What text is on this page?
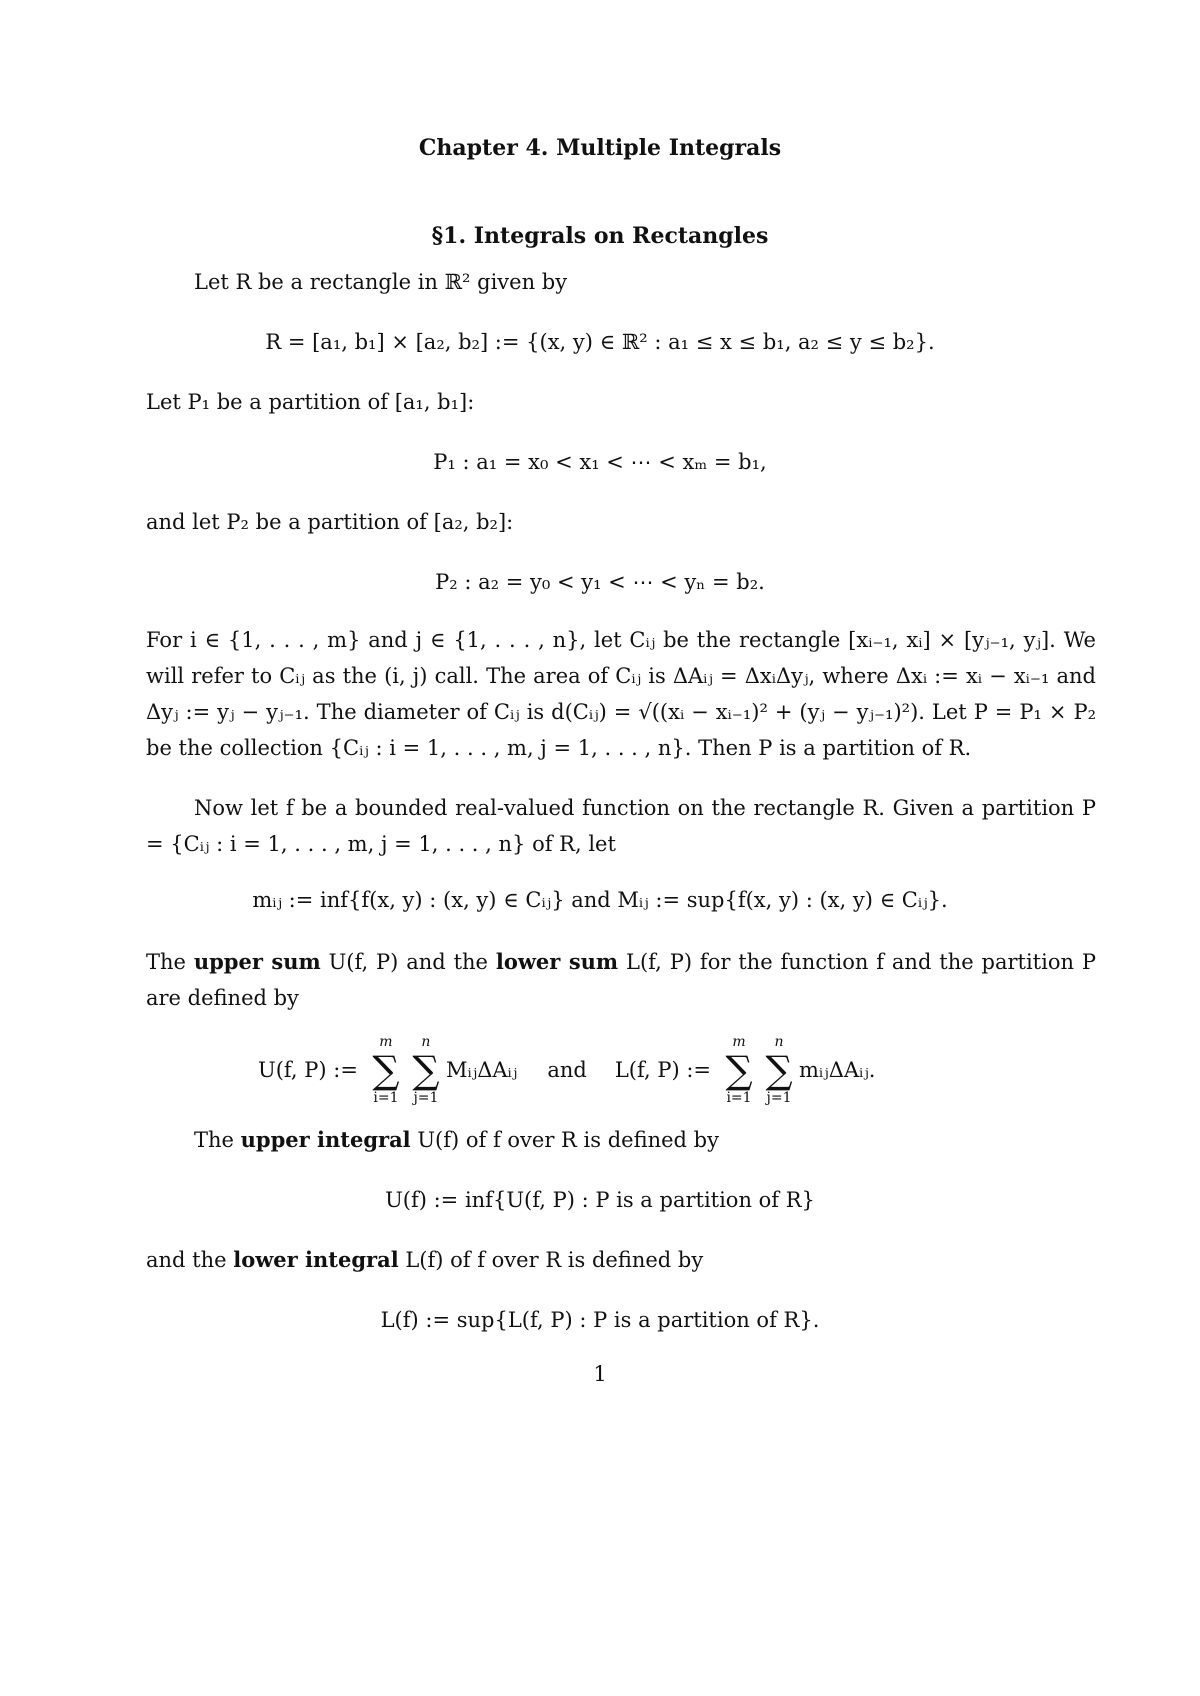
Chapter 4. Multiple Integrals
§1. Integrals on Rectangles
Let R be a rectangle in ℝ² given by
R = [a₁, b₁] × [a₂, b₂] := {(x, y) ∈ ℝ² : a₁ ≤ x ≤ b₁, a₂ ≤ y ≤ b₂}.
Let P₁ be a partition of [a₁, b₁]:
P₁ : a₁ = x₀ < x₁ < ⋯ < xₘ = b₁,
and let P₂ be a partition of [a₂, b₂]:
P₂ : a₂ = y₀ < y₁ < ⋯ < yₙ = b₂.
For i ∈ {1, . . . , m} and j ∈ {1, . . . , n}, let Cᵢⱼ be the rectangle [xᵢ₋₁, xᵢ] × [yⱼ₋₁, yⱼ]. We will refer to Cᵢⱼ as the (i, j) call. The area of Cᵢⱼ is ΔAᵢⱼ = ΔxᵢΔyⱼ, where Δxᵢ := xᵢ − xᵢ₋₁ and Δyⱼ := yⱼ − yⱼ₋₁. The diameter of Cᵢⱼ is d(Cᵢⱼ) = √((xᵢ − xᵢ₋₁)² + (yⱼ − yⱼ₋₁)²). Let P = P₁ × P₂ be the collection {Cᵢⱼ : i = 1, . . . , m, j = 1, . . . , n}. Then P is a partition of R.
Now let f be a bounded real-valued function on the rectangle R. Given a partition P = {Cᵢⱼ : i = 1, . . . , m, j = 1, . . . , n} of R, let
mᵢⱼ := inf{f(x, y) : (x, y) ∈ Cᵢⱼ} and Mᵢⱼ := sup{f(x, y) : (x, y) ∈ Cᵢⱼ}.
The upper sum U(f, P) and the lower sum L(f, P) for the function f and the partition P are defined by
U(f, P) :=
m
∑
i=1
n
∑
j=1
MᵢⱼΔAᵢⱼ and L(f, P) :=
m
∑
i=1
n
∑
j=1
mᵢⱼΔAᵢⱼ.
The upper integral U(f) of f over R is defined by
U(f) := inf{U(f, P) : P is a partition of R}
and the lower integral L(f) of f over R is defined by
L(f) := sup{L(f, P) : P is a partition of R}.
1
